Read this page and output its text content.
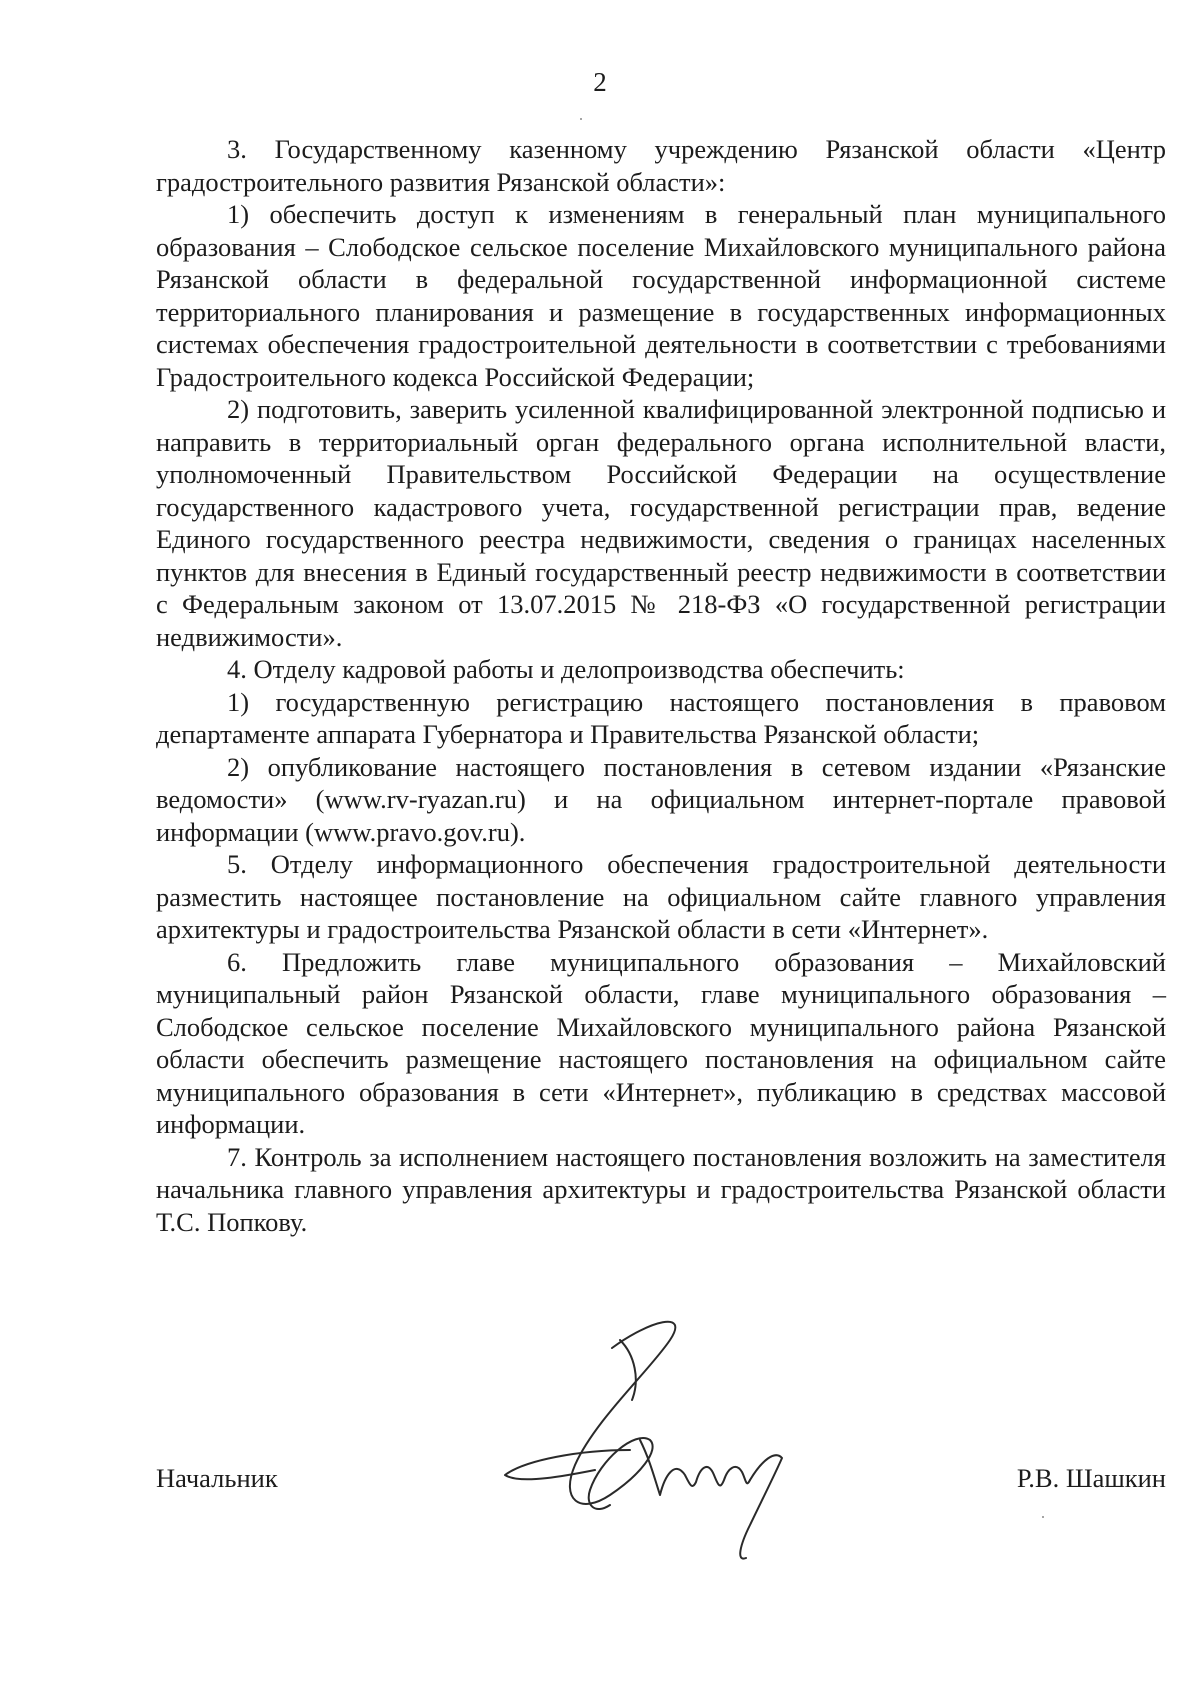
2

3. Государственному казенному учреждению Рязанской области «Центр градостроительного развития Рязанской области»:

1) обеспечить доступ к изменениям в генеральный план муниципального образования – Слободское сельское поселение Михайловского муниципального района Рязанской области в федеральной государственной информационной системе территориального планирования и размещение в государственных информационных системах обеспечения градостроительной деятельности в соответствии с требованиями Градостроительного кодекса Российской Федерации;

2) подготовить, заверить усиленной квалифицированной электронной подписью и направить в территориальный орган федерального органа исполнительной власти, уполномоченный Правительством Российской Федерации на осуществление государственного кадастрового учета, государственной регистрации прав, ведение Единого государственного реестра недвижимости, сведения о границах населенных пунктов для внесения в Единый государственный реестр недвижимости в соответствии с Федеральным законом от 13.07.2015 № 218-ФЗ «О государственной регистрации недвижимости».

4. Отделу кадровой работы и делопроизводства обеспечить:

1) государственную регистрацию настоящего постановления в правовом департаменте аппарата Губернатора и Правительства Рязанской области;

2) опубликование настоящего постановления в сетевом издании «Рязанские ведомости» (www.rv-ryazan.ru) и на официальном интернет-портале правовой информации (www.pravo.gov.ru).

5. Отделу информационного обеспечения градостроительной деятельности разместить настоящее постановление на официальном сайте главного управления архитектуры и градостроительства Рязанской области в сети «Интернет».

6. Предложить главе муниципального образования – Михайловский муниципальный район Рязанской области, главе муниципального образования – Слободское сельское поселение Михайловского муниципального района Рязанской области обеспечить размещение настоящего постановления на официальном сайте муниципального образования в сети «Интернет», публикацию в средствах массовой информации.

7. Контроль за исполнением настоящего постановления возложить на заместителя начальника главного управления архитектуры и градостроительства Рязанской области Т.С. Попкову.

Начальник	Р.В. Шашкин
